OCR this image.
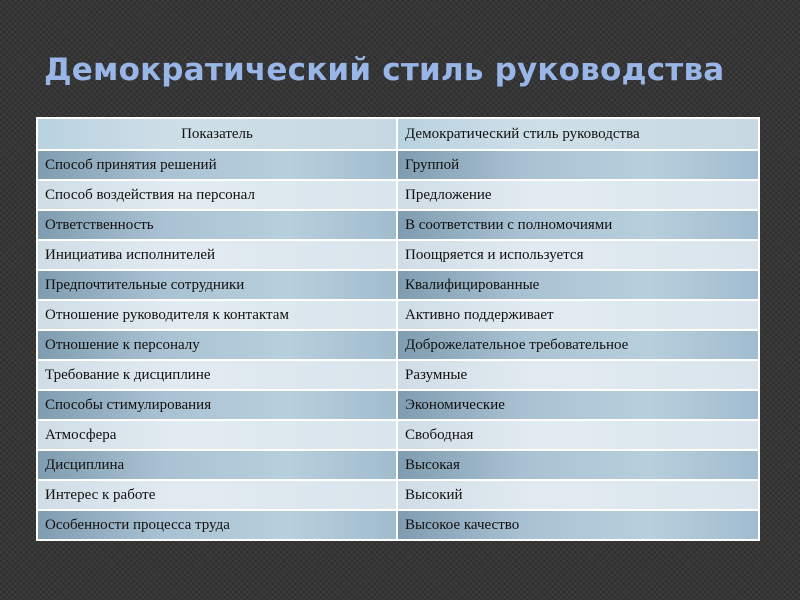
Демократический стиль руководства
Показатель	Демократический стиль руководства
Способ принятия решений	Группой
Способ воздействия на персонал	Предложение
Ответственность	В соответствии с полномочиями
Инициатива исполнителей	Поощряется и используется
Предпочтительные сотрудники	Квалифицированные
Отношение руководителя к контактам	Активно поддерживает
Отношение к персоналу	Доброжелательное требовательное
Требование к дисциплине	Разумные
Способы стимулирования	Экономические
Атмосфера	Свободная
Дисциплина	Высокая
Интерес к работе	Высокий
Особенности процесса труда	Высокое качество
